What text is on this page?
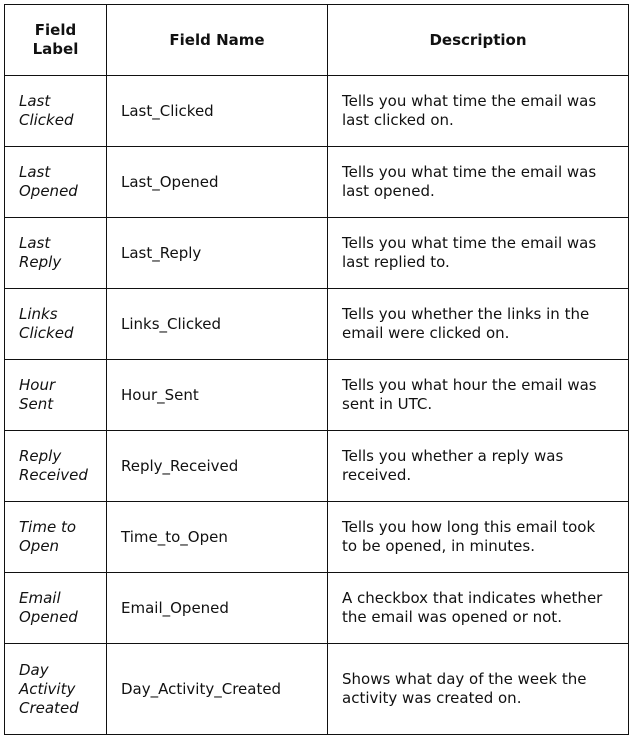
Field Label	Field Name	Description
Last Clicked	Last_Clicked	Tells you what time the email was last clicked on.
Last Opened	Last_Opened	Tells you what time the email was last opened.
Last Reply	Last_Reply	Tells you what time the email was last replied to.
Links Clicked	Links_Clicked	Tells you whether the links in the email were clicked on.
Hour Sent	Hour_Sent	Tells you what hour the email was sent in UTC.
Reply Received	Reply_Received	Tells you whether a reply was received.
Time to Open	Time_to_Open	Tells you how long this email took to be opened, in minutes.
Email Opened	Email_Opened	A checkbox that indicates whether the email was opened or not.
Day Activity Created	Day_Activity_Created	Shows what day of the week the activity was created on.
